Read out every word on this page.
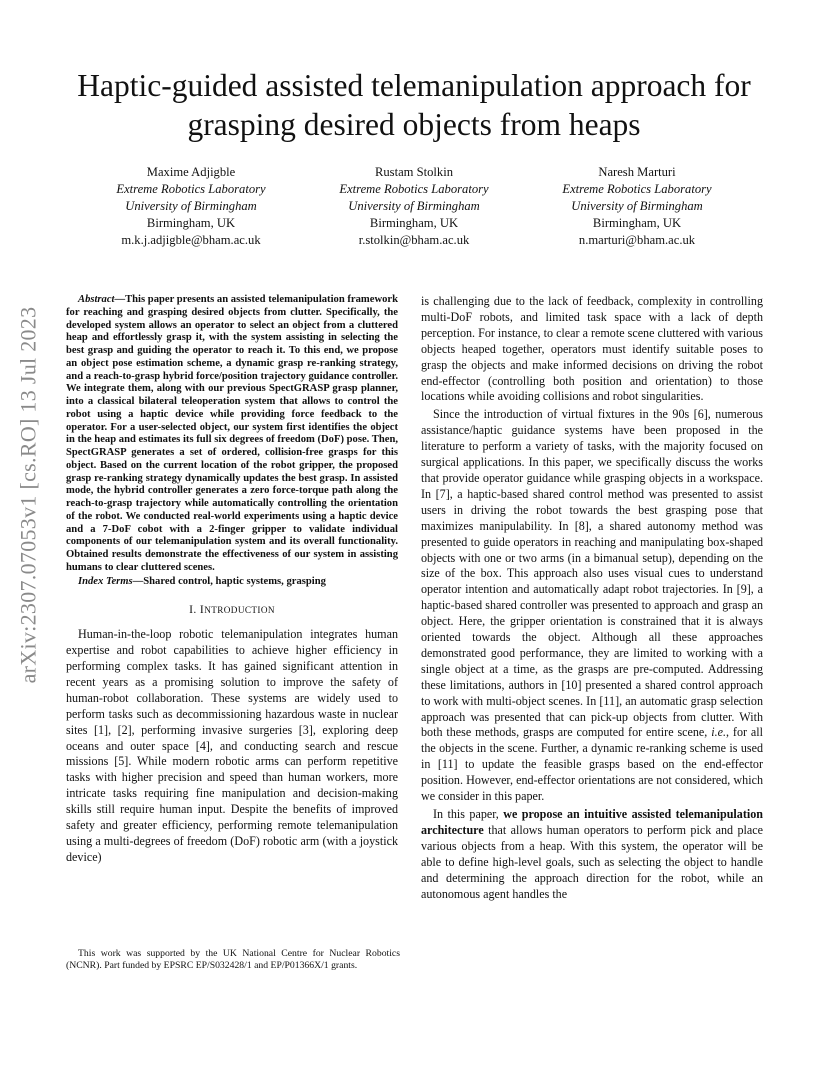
arXiv:2307.07053v1 [cs.RO] 13 Jul 2023
Haptic-guided assisted telemanipulation approach for grasping desired objects from heaps
Maxime Adjigble
Extreme Robotics Laboratory
University of Birmingham
Birmingham, UK
m.k.j.adjigble@bham.ac.uk
Rustam Stolkin
Extreme Robotics Laboratory
University of Birmingham
Birmingham, UK
r.stolkin@bham.ac.uk
Naresh Marturi
Extreme Robotics Laboratory
University of Birmingham
Birmingham, UK
n.marturi@bham.ac.uk
Abstract—This paper presents an assisted telemanipulation framework for reaching and grasping desired objects from clutter. Specifically, the developed system allows an operator to select an object from a cluttered heap and effortlessly grasp it, with the system assisting in selecting the best grasp and guiding the operator to reach it. To this end, we propose an object pose estimation scheme, a dynamic grasp re-ranking strategy, and a reach-to-grasp hybrid force/position trajectory guidance controller. We integrate them, along with our previous SpectGRASP grasp planner, into a classical bilateral teleoperation system that allows to control the robot using a haptic device while providing force feedback to the operator. For a user-selected object, our system first identifies the object in the heap and estimates its full six degrees of freedom (DoF) pose. Then, SpectGRASP generates a set of ordered, collision-free grasps for this object. Based on the current location of the robot gripper, the proposed grasp re-ranking strategy dynamically updates the best grasp. In assisted mode, the hybrid controller generates a zero force-torque path along the reach-to-grasp trajectory while automatically controlling the orientation of the robot. We conducted real-world experiments using a haptic device and a 7-DoF cobot with a 2-finger gripper to validate individual components of our telemanipulation system and its overall functionality. Obtained results demonstrate the effectiveness of our system in assisting humans to clear cluttered scenes.
Index Terms—Shared control, haptic systems, grasping
I. INTRODUCTION

Human-in-the-loop robotic telemanipulation integrates human expertise and robot capabilities to achieve higher efficiency in performing complex tasks. It has gained significant attention in recent years as a promising solution to improve the safety of human-robot collaboration. These systems are widely used to perform tasks such as decommissioning hazardous waste in nuclear sites [1], [2], performing invasive surgeries [3], exploring deep oceans and outer space [4], and conducting search and rescue missions [5]. While modern robotic arms can perform repetitive tasks with higher precision and speed than human workers, more intricate tasks requiring fine manipulation and decision-making skills still require human input. Despite the benefits of improved safety and greater efficiency, performing remote telemanipulation using a multi-degrees of freedom (DoF) robotic arm (with a joystick device)

This work was supported by the UK National Centre for Nuclear Robotics (NCNR). Part funded by EPSRC EP/S032428/1 and EP/P01366X/1 grants.

is challenging due to the lack of feedback, complexity in controlling multi-DoF robots, and limited task space with a lack of depth perception. For instance, to clear a remote scene cluttered with various objects heaped together, operators must identify suitable poses to grasp the objects and make informed decisions on driving the robot end-effector (controlling both position and orientation) to those locations while avoiding collisions and robot singularities.

Since the introduction of virtual fixtures in the 90s [6], numerous assistance/haptic guidance systems have been proposed in the literature to perform a variety of tasks, with the majority focused on surgical applications. In this paper, we specifically discuss the works that provide operator guidance while grasping objects in a workspace. In [7], a haptic-based shared control method was presented to assist users in driving the robot towards the best grasping pose that maximizes manipulability. In [8], a shared autonomy method was presented to guide operators in reaching and manipulating box-shaped objects with one or two arms (in a bimanual setup), depending on the size of the box. This approach also uses visual cues to understand operator intention and automatically adapt robot trajectories. In [9], a haptic-based shared controller was presented to approach and grasp an object. Here, the gripper orientation is constrained that it is always oriented towards the object. Although all these approaches demonstrated good performance, they are limited to working with a single object at a time, as the grasps are pre-computed. Addressing these limitations, authors in [10] presented a shared control approach to work with multi-object scenes. In [11], an automatic grasp selection approach was presented that can pick-up objects from clutter. With both these methods, grasps are computed for entire scene, i.e., for all the objects in the scene. Further, a dynamic re-ranking scheme is used in [11] to update the feasible grasps based on the end-effector position. However, end-effector orientations are not considered, which we consider in this paper.

In this paper, we propose an intuitive assisted telemanipulation architecture that allows human operators to perform pick and place various objects from a heap. With this system, the operator will be able to define high-level goals, such as selecting the object to handle and determining the approach direction for the robot, while an autonomous agent handles the
